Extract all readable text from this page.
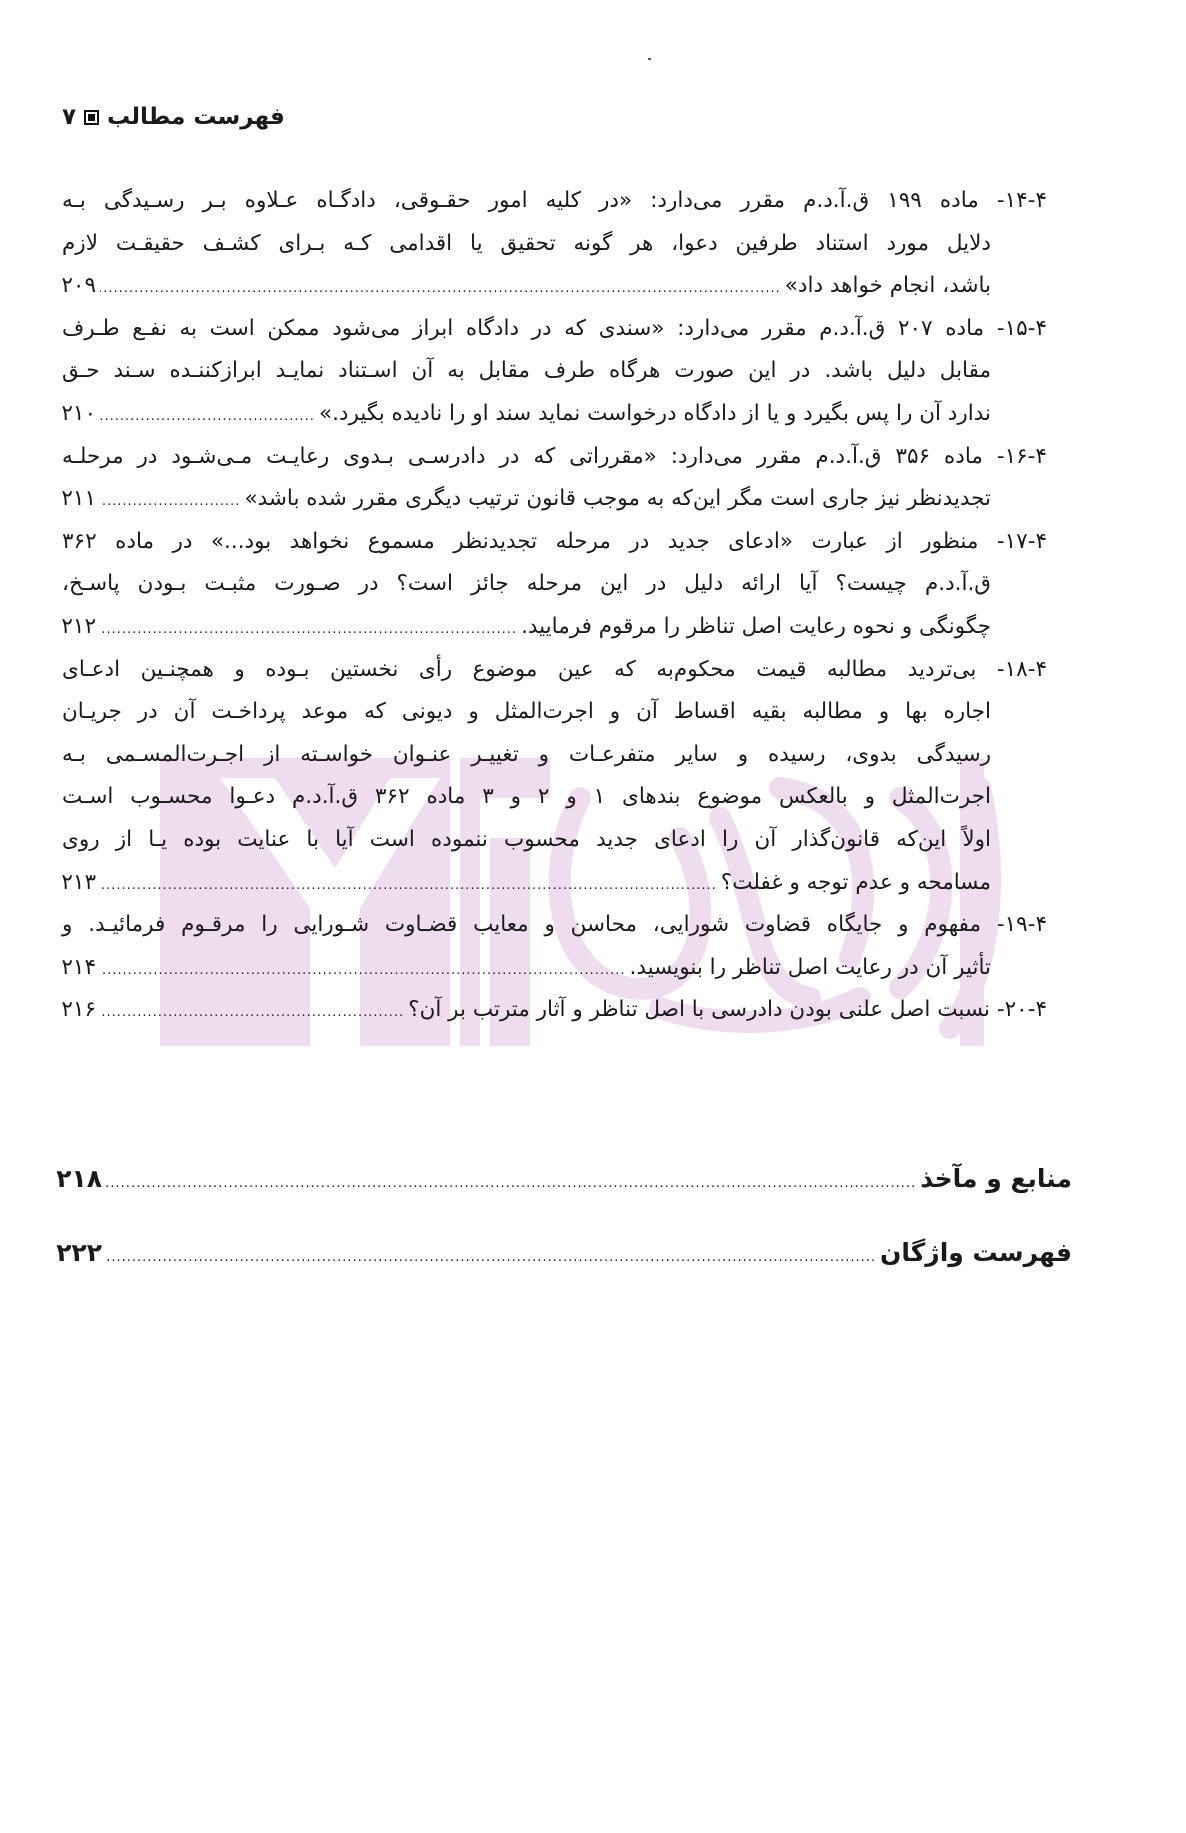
فهرست مطالب
۷
۱۴-۴- ماده ۱۹۹ ق.آ.د.م مقرر می‌دارد: «در کلیه امور حقـوقی، دادگـاه عـلاوه بـر رسـیدگی بـه
دلایل مورد استناد طرفین دعوا، هر گونه تحقیق یا اقدامی کـه بـرای کشـف حقیقـت لازم
باشد، انجام خواهد داد»
.....
۲۰۹
۱۵-۴- ماده ۲۰۷ ق.آ.د.م مقرر می‌دارد: «سندی که در دادگاه ابراز می‌شود ممکن است به نفـع طـرف
مقابل دلیل باشد. در این صورت هرگاه طرف مقابل به آن اسـتناد نمایـد ابرازکننـده سـند حـق
ندارد آن را پس بگیرد و یا از دادگاه درخواست نماید سند او را نادیده بگیرد.»
.....
۲۱۰
۱۶-۴- ماده ۳۵۶ ق.آ.د.م مقرر می‌دارد: «مقرراتی که در دادرسـی بـدوی رعایـت مـی‌شـود در مرحلـه
تجدیدنظر نیز جاری است مگر این‌که به موجب قانون ترتیب دیگری مقرر شده باشد»
.....
۲۱۱
۱۷-۴- منظور از عبارت «ادعای جدید در مرحله تجدیدنظر مسموع نخواهد بود...» در ماده ۳۶۲
ق.آ.د.م چیست؟ آیا ارائه دلیل در این مرحله جائز است؟ در صـورت مثبـت بـودن پاسـخ،
چگونگی و نحوه رعایت اصل تناظر را مرقوم فرمایید.
.....
۲۱۲
۱۸-۴- بی‌تردید مطالبه قیمت محکوم‌به که عین موضوع رأی نخستین بـوده و همچنـین ادعـای
اجاره بها و مطالبه بقیه اقساط آن و اجرت‌المثل و دیونی که موعد پرداخـت آن در جریـان
رسیدگی بدوی، رسیده و سایر متفرعـات و تغییـر عنـوان خواسـته از اجـرت‌المسـمی بـه
اجرت‌المثل و بالعکس موضوع بندهای ۱ و ۲ و ۳ ماده ۳۶۲ ق.آ.د.م دعـوا محسـوب اسـت
اولاً این‌که قانون‌گذار آن را ادعای جدید محسوب ننموده است آیا با عنایت بوده یـا از روی
مسامحه و عدم توجه و غفلت؟
.....
۲۱۳
۱۹-۴- مفهوم و جایگاه قضاوت شورایی، محاسن و معایب قضـاوت شـورایی را مرقـوم فرمائیـد. و
تأثیر آن در رعایت اصل تناظر را بنویسید.
.....
۲۱۴
۲۰-۴- نسبت اصل علنی بودن دادرسی با اصل تناظر و آثار مترتب بر آن؟
.....
۲۱۶
منابع و مآخذ
.....
۲۱۸
فهرست واژگان
.....
۲۲۲
